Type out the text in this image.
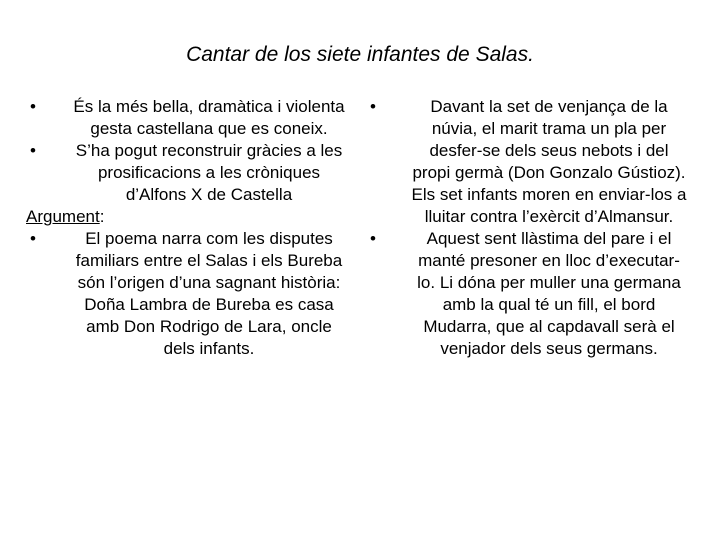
Cantar de los siete infantes de Salas.
• És la més bella, dramàtica i violenta gesta castellana que es coneix.
• S’ha pogut reconstruir gràcies a les prosificacions a les cròniques d’Alfons X de Castella

Argument:

• El poema narra com les disputes familiars entre el Salas i els Bureba són l’origen d’una sagnant història: Doña Lambra de Bureba es casa amb Don Rodrigo de Lara, oncle dels infants.
• Davant la set de venjança de la núvia, el marit trama un pla per desfer-se dels seus nebots i del propi germà (Don Gonzalo Gústioz). Els set infants moren en enviar-los a lluitar contra l’exèrcit d’Almansur.
• Aquest sent llàstima del pare i el manté presoner en lloc d’executar-lo. Li dóna per muller una germana amb la qual té un fill, el bord Mudarra, que al capdavall serà el venjador dels seus germans.
